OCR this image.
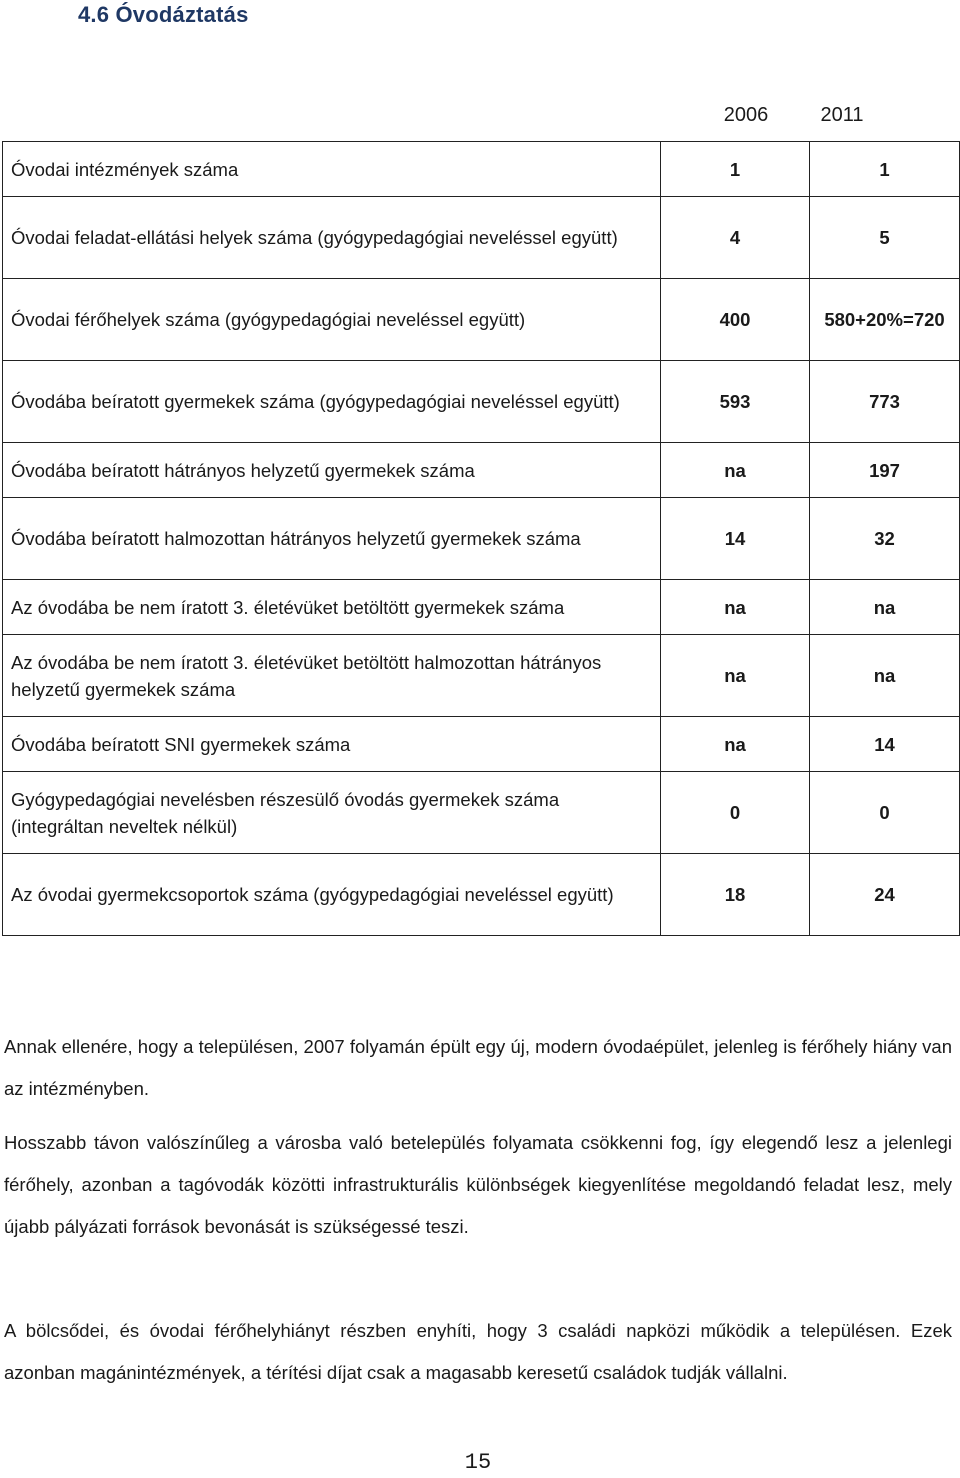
4.6 Óvodáztatás
2006	2011
Óvodai intézmények száma	1	1
Óvodai feladat-ellátási helyek száma (gyógypedagógiai neveléssel együtt)	4	5
Óvodai férőhelyek száma (gyógypedagógiai neveléssel együtt)	400	580+20%=720
Óvodába beíratott gyermekek száma (gyógypedagógiai neveléssel együtt)	593	773
Óvodába beíratott hátrányos helyzetű gyermekek száma	na	197
Óvodába beíratott halmozottan hátrányos helyzetű gyermekek száma	14	32
Az óvodába be nem íratott 3. életévüket betöltött gyermekek száma	na	na
Az óvodába be nem íratott 3. életévüket betöltött halmozottan hátrányos helyzetű gyermekek száma	na	na
Óvodába beíratott SNI gyermekek száma	na	14
Gyógypedagógiai nevelésben részesülő óvodás gyermekek száma (integráltan neveltek nélkül)	0	0
Az óvodai gyermekcsoportok száma (gyógypedagógiai neveléssel együtt)	18	24

Annak ellenére, hogy a településen, 2007 folyamán épült egy új, modern óvodaépület, jelenleg is férőhely hiány van az intézményben.

Hosszabb távon valószínűleg a városba való betelepülés folyamata csökkenni fog, így elegendő lesz a jelenlegi férőhely, azonban a tagóvodák közötti infrastrukturális különbségek kiegyenlítése megoldandó feladat lesz, mely újabb pályázati források bevonását is szükségessé teszi.

A bölcsődei, és óvodai férőhelyhiányt részben enyhíti, hogy 3 családi napközi működik a településen. Ezek azonban magánintézmények, a térítési díjat csak a magasabb keresetű családok tudják vállalni.

15
